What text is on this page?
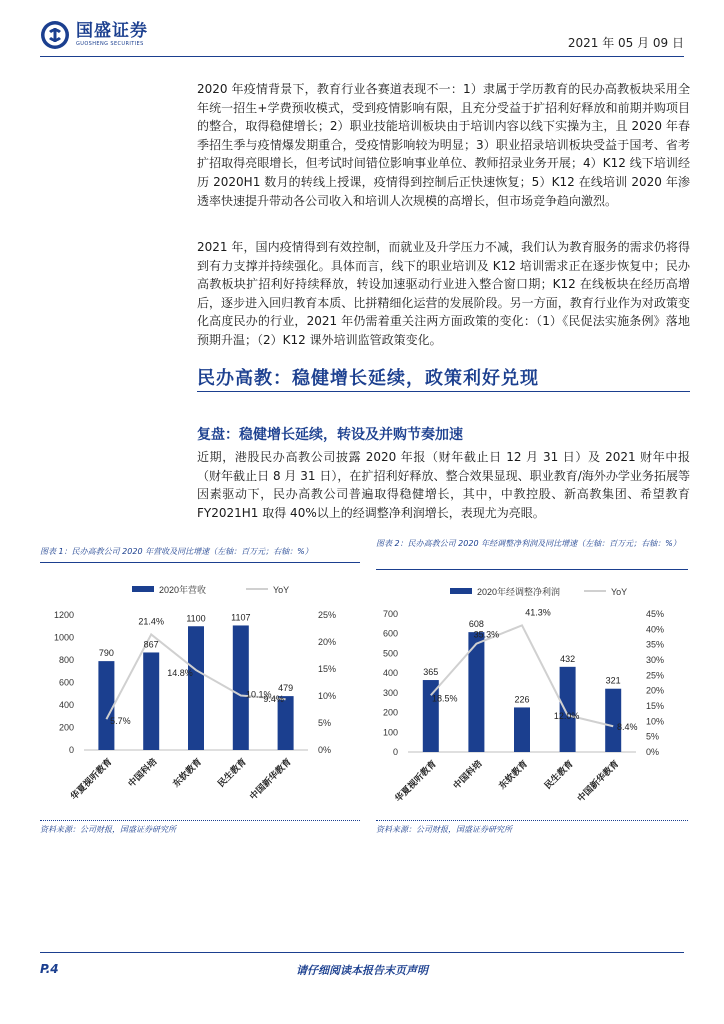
国盛证券
GUOSHENG SECURITIES	2021 年 05 月 09 日

2020 年疫情背景下，教育行业各赛道表现不一：1）隶属于学历教育的民办高教板块采用全年统一招生+学费预收模式，受到疫情影响有限，且充分受益于扩招利好释放和前期并购项目的整合，取得稳健增长；2）职业技能培训板块由于培训内容以线下实操为主，且 2020 年春季招生季与疫情爆发期重合，受疫情影响较为明显；3）职业招录培训板块受益于国考、省考扩招取得亮眼增长，但考试时间错位影响事业单位、教师招录业务开展；4）K12 线下培训经历 2020H1 数月的转线上授课，疫情得到控制后正快速恢复；5）K12 在线培训 2020 年渗透率快速提升带动各公司收入和培训人次规模的高增长，但市场竞争趋向激烈。

2021 年，国内疫情得到有效控制，而就业及升学压力不减，我们认为教育服务的需求仍将得到有力支撑并持续强化。具体而言，线下的职业培训及 K12 培训需求正在逐步恢复中；民办高教板块扩招利好持续释放，转设加速驱动行业进入整合窗口期；K12 在线板块在经历高增后，逐步进入回归教育本质、比拼精细化运营的发展阶段。另一方面，教育行业作为对政策变化高度民办的行业，2021 年仍需着重关注两方面政策的变化：（1）《民促法实施条例》落地预期升温；（2）K12 课外培训监管政策变化。

民办高教：稳健增长延续，政策利好兑现
复盘：稳健增长延续，转设及并购节奏加速

近期，港股民办高教公司披露 2020 年报（财年截止日 12 月 31 日）及 2021 财年中报（财年截止日 8 月 31 日），在扩招利好释放、整合效果显现、职业教育/海外办学业务拓展等因素驱动下，民办高教公司普遍取得稳健增长，其中，中教控股、新高教集团、希望教育 FY2021H1 取得 40%以上的经调整净利润增长，表现尤为亮眼。

图表 1：民办高教公司 2020 年营收及同比增速（左轴：百万元；右轴：%）
2020年营收	YoY
0
200
400
600
800
1000
1200
0%
5%
10%
15%
20%
25%
790
867
1100	1107
479
5.7%
21.4%
14.8%
10.1%
9.4%
华夏视听教育 中国科培 东软教育 民生教育 中国新华教育
资料来源：公司财报，国盛证券研究所
图表 2：民办高教公司 2020 年经调整净利润及同比增速（左轴：百万元；右轴：%）
2020年经调整净利润	YoY
0
100
200
300
400
500
600
700
0%
5%
10%
15%
20%
25%
30%
35%
40%
45%
365
608
226
432
321
18.5%
35.3%
41.3%
12.0%
8.4%
华夏视听教育 中国科培 东软教育 民生教育 中国新华教育
资料来源：公司财报，国盛证券研究所
请仔细阅读本报告末页声明
P.4
